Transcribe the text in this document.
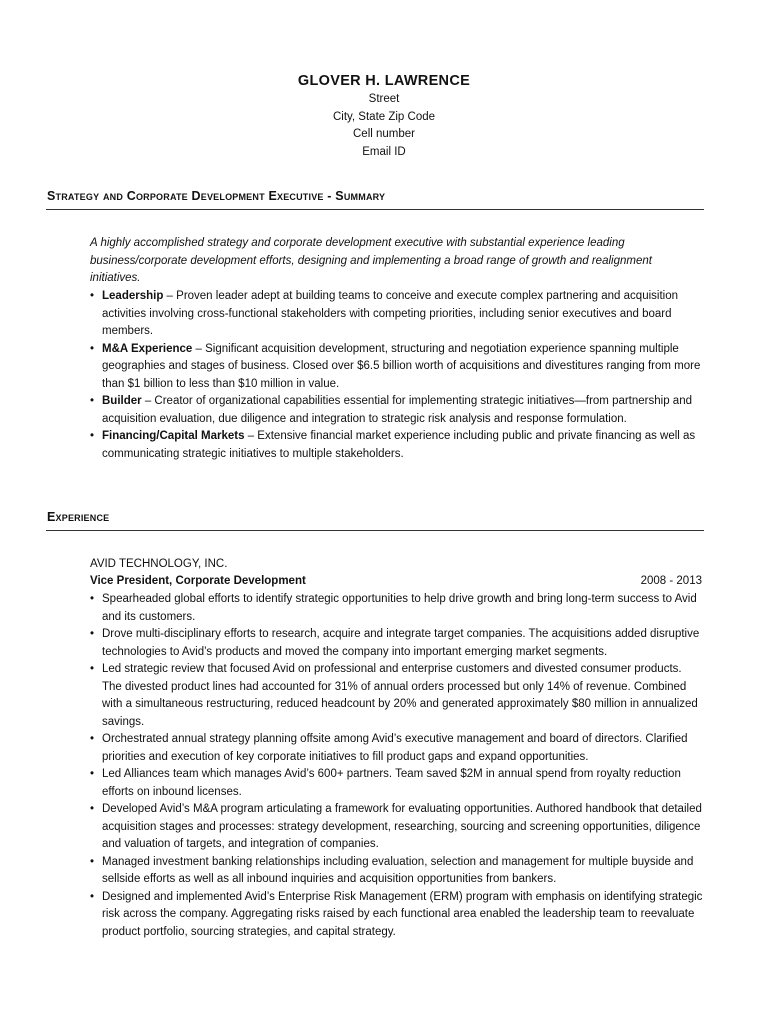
GLOVER H. LAWRENCE
Street
City, State Zip Code
Cell number
Email ID
Strategy and Corporate Development Executive - Summary
A highly accomplished strategy and corporate development executive with substantial experience leading business/corporate development efforts, designing and implementing a broad range of growth and realignment initiatives.
• Leadership – Proven leader adept at building teams to conceive and execute complex partnering and acquisition activities involving cross-functional stakeholders with competing priorities, including senior executives and board members.
• M&A Experience – Significant acquisition development, structuring and negotiation experience spanning multiple geographies and stages of business. Closed over $6.5 billion worth of acquisitions and divestitures ranging from more than $1 billion to less than $10 million in value.
• Builder – Creator of organizational capabilities essential for implementing strategic initiatives—from partnership and acquisition evaluation, due diligence and integration to strategic risk analysis and response formulation.
• Financing/Capital Markets – Extensive financial market experience including public and private financing as well as communicating strategic initiatives to multiple stakeholders.
Experience
AVID TECHNOLOGY, INC.
Vice President, Corporate Development	2008 - 2013
• Spearheaded global efforts to identify strategic opportunities to help drive growth and bring long-term success to Avid and its customers.
• Drove multi-disciplinary efforts to research, acquire and integrate target companies. The acquisitions added disruptive technologies to Avid’s products and moved the company into important emerging market segments.
• Led strategic review that focused Avid on professional and enterprise customers and divested consumer products. The divested product lines had accounted for 31% of annual orders processed but only 14% of revenue. Combined with a simultaneous restructuring, reduced headcount by 20% and generated approximately $80 million in annualized savings.
• Orchestrated annual strategy planning offsite among Avid’s executive management and board of directors. Clarified priorities and execution of key corporate initiatives to fill product gaps and expand opportunities.
• Led Alliances team which manages Avid’s 600+ partners. Team saved $2M in annual spend from royalty reduction efforts on inbound licenses.
• Developed Avid’s M&A program articulating a framework for evaluating opportunities. Authored handbook that detailed acquisition stages and processes: strategy development, researching, sourcing and screening opportunities, diligence and valuation of targets, and integration of companies.
• Managed investment banking relationships including evaluation, selection and management for multiple buyside and sellside efforts as well as all inbound inquiries and acquisition opportunities from bankers.
• Designed and implemented Avid’s Enterprise Risk Management (ERM) program with emphasis on identifying strategic risk across the company. Aggregating risks raised by each functional area enabled the leadership team to reevaluate product portfolio, sourcing strategies, and capital strategy.
